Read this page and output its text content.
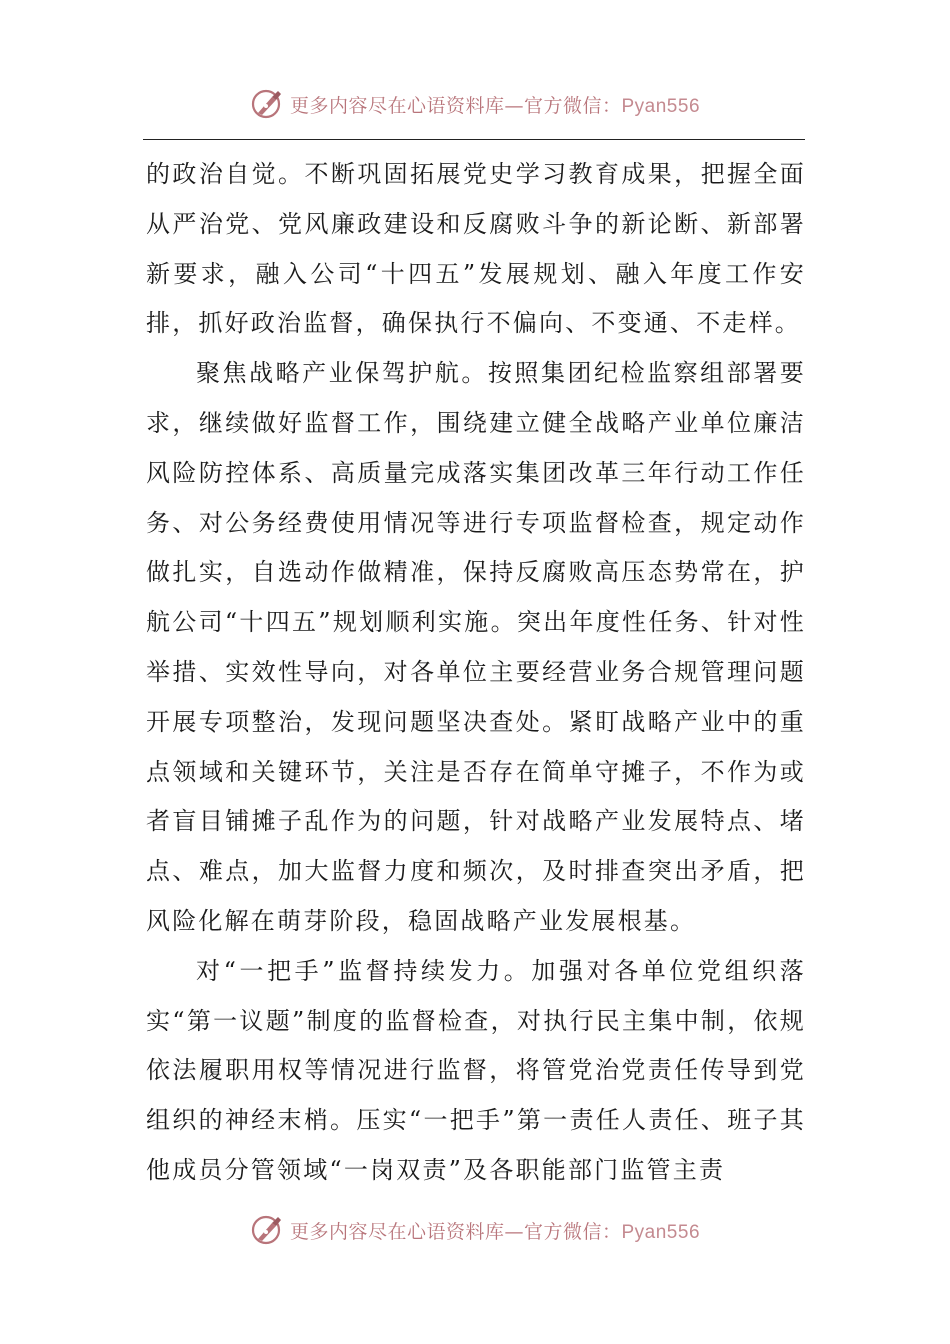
更多内容尽在心语资料库—官方微信：Pyan556

的政治自觉。不断巩固拓展党史学习教育成果，把握全面从严治党、党风廉政建设和反腐败斗争的新论断、新部署新要求，融入公司“十四五”发展规划、融入年度工作安排，抓好政治监督，确保执行不偏向、不变通、不走样。

聚焦战略产业保驾护航。按照集团纪检监察组部署要求，继续做好监督工作，围绕建立健全战略产业单位廉洁风险防控体系、高质量完成落实集团改革三年行动工作任务、对公务经费使用情况等进行专项监督检查，规定动作做扎实，自选动作做精准，保持反腐败高压态势常在，护航公司“十四五”规划顺利实施。突出年度性任务、针对性举措、实效性导向，对各单位主要经营业务合规管理问题开展专项整治，发现问题坚决查处。紧盯战略产业中的重点领域和关键环节，关注是否存在简单守摊子，不作为或者盲目铺摊子乱作为的问题，针对战略产业发展特点、堵点、难点，加大监督力度和频次，及时排查突出矛盾，把风险化解在萌芽阶段，稳固战略产业发展根基。

对“一把手”监督持续发力。加强对各单位党组织落实“第一议题”制度的监督检查，对执行民主集中制，依规依法履职用权等情况进行监督，将管党治党责任传导到党组织的神经末梢。压实“一把手”第一责任人责任、班子其他成员分管领域“一岗双责”及各职能部门监管主责

更多内容尽在心语资料库—官方微信：Pyan556
